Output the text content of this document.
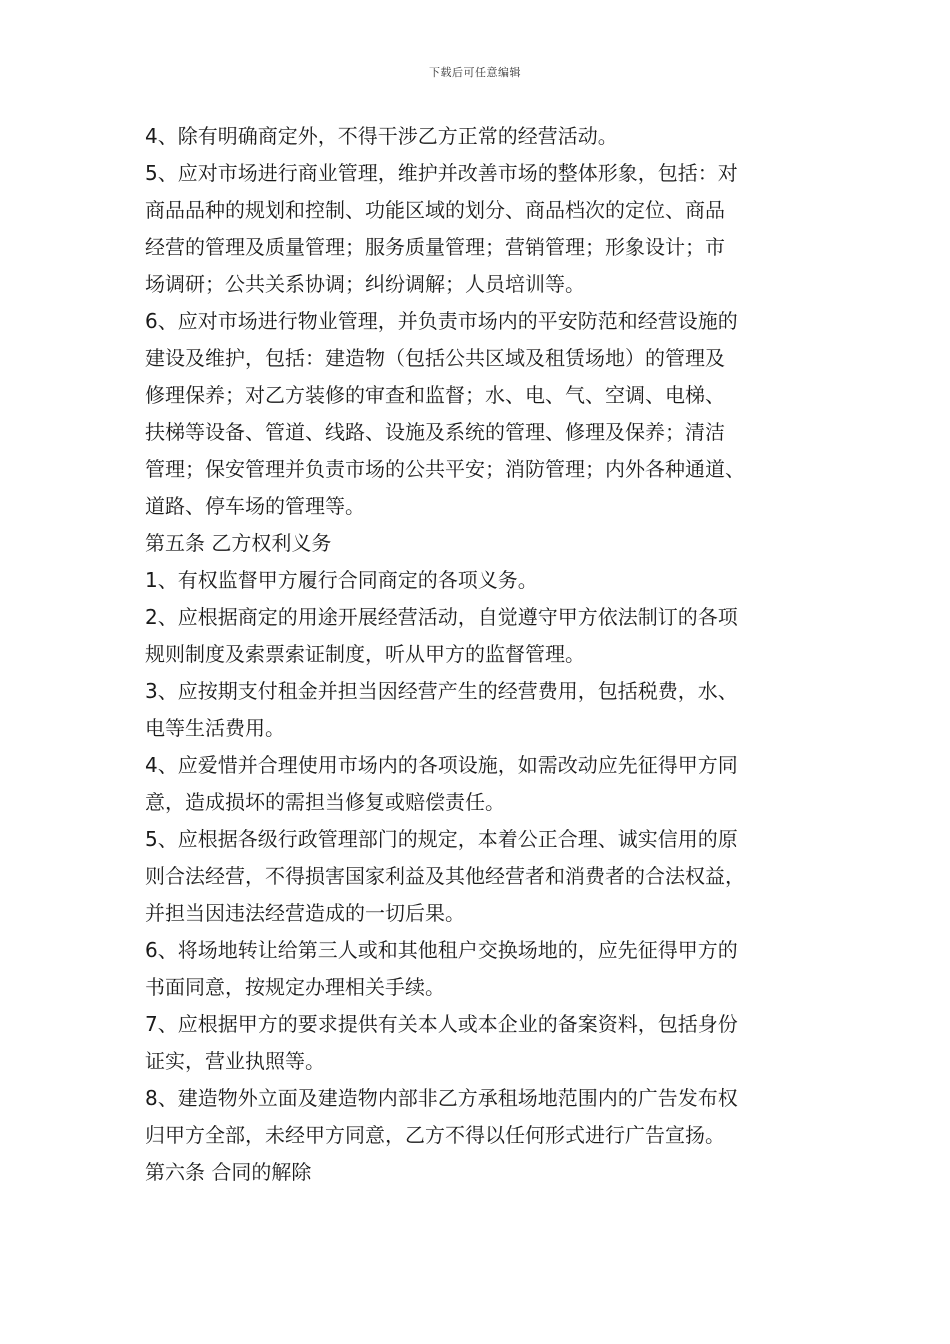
下载后可任意编辑
4、除有明确商定外，不得干涉乙方正常的经营活动。
5、应对市场进行商业管理，维护并改善市场的整体形象，包括：对
商品品种的规划和控制、功能区域的划分、商品档次的定位、商品
经营的管理及质量管理；服务质量管理；营销管理；形象设计；市
场调研；公共关系协调；纠纷调解；人员培训等。
6、应对市场进行物业管理，并负责市场内的平安防范和经营设施的
建设及维护，包括：建造物（包括公共区域及租赁场地）的管理及
修理保养；对乙方装修的审查和监督；水、电、气、空调、电梯、
扶梯等设备、管道、线路、设施及系统的管理、修理及保养；清洁
管理；保安管理并负责市场的公共平安；消防管理；内外各种通道、
道路、停车场的管理等。
第五条 乙方权利义务
1、有权监督甲方履行合同商定的各项义务。
2、应根据商定的用途开展经营活动，自觉遵守甲方依法制订的各项
规则制度及索票索证制度，听从甲方的监督管理。
3、应按期支付租金并担当因经营产生的经营费用，包括税费，水、
电等生活费用。
4、应爱惜并合理使用市场内的各项设施，如需改动应先征得甲方同
意，造成损坏的需担当修复或赔偿责任。
5、应根据各级行政管理部门的规定，本着公正合理、诚实信用的原
则合法经营，不得损害国家利益及其他经营者和消费者的合法权益，
并担当因违法经营造成的一切后果。
6、将场地转让给第三人或和其他租户交换场地的，应先征得甲方的
书面同意，按规定办理相关手续。
7、应根据甲方的要求提供有关本人或本企业的备案资料，包括身份
证实，营业执照等。
8、建造物外立面及建造物内部非乙方承租场地范围内的广告发布权
归甲方全部，未经甲方同意，乙方不得以任何形式进行广告宣扬。
第六条 合同的解除
